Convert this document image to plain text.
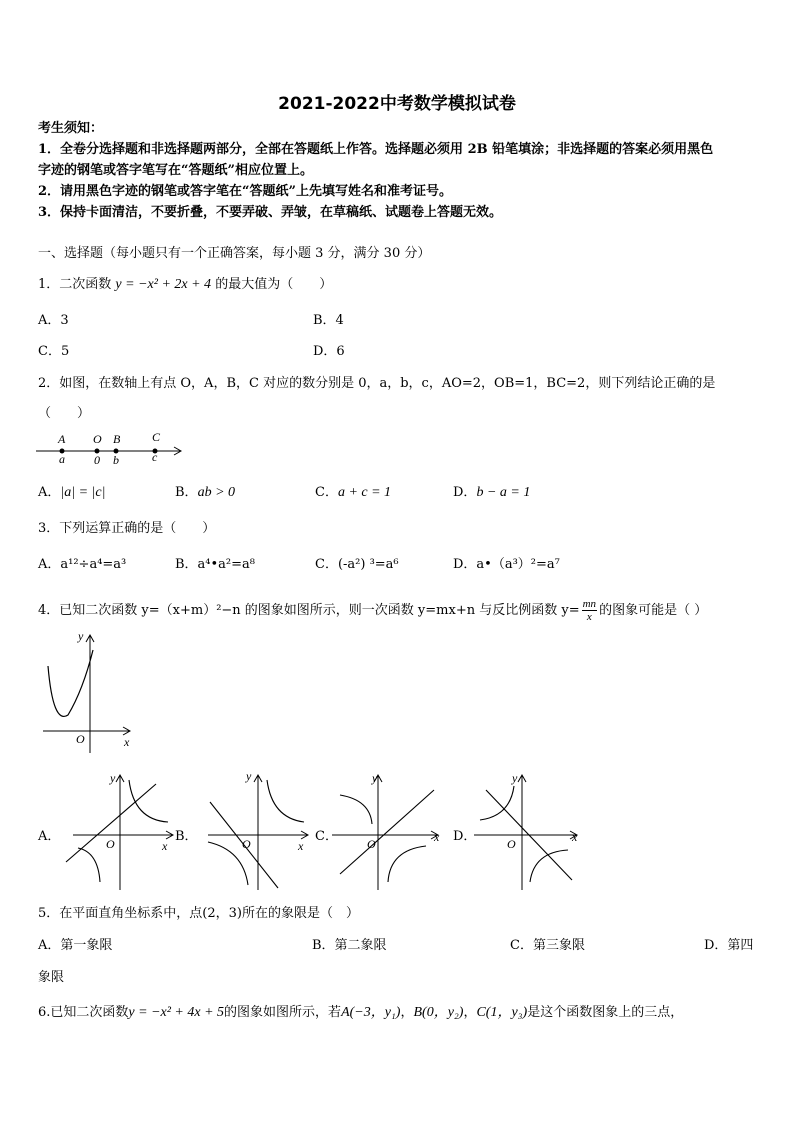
2021-2022中考数学模拟试卷
考生须知：
1．全卷分选择题和非选择题两部分，全部在答题纸上作答。选择题必须用 2B 铅笔填涂；非选择题的答案必须用黑色
字迹的钢笔或答字笔写在“答题纸”相应位置上。
2．请用黑色字迹的钢笔或答字笔在“答题纸”上先填写姓名和准考证号。
3．保持卡面清洁，不要折叠，不要弄破、弄皱，在草稿纸、试题卷上答题无效。
一、选择题（每小题只有一个正确答案，每小题 3 分，满分 30 分）
1．二次函数 y = −x² + 2x + 4 的最大值为（　　）
A．3	B．4
C．5	D．6
2．如图，在数轴上有点 O，A，B，C 对应的数分别是 0，a，b，c，AO=2，OB=1，BC=2，则下列结论正确的是
（　　）
A
a
O
0
B
b
C
c
A．|a| = |c|	B．ab > 0	C．a + c = 1	D．b − a = 1
3．下列运算正确的是（　　）
A．a¹²÷a⁴=a³	B．a⁴•a²=a⁸	C．(-a²) ³=a⁶	D．a•（a³）²=a⁷
4．已知二次函数 y=（x+m）²−n 的图象如图所示，则一次函数 y=mx+n 与反比例函数 $y= \frac{mn}{x}$ 的图象可能是（ ）
y
x
O
A．	B．	C．	D．
y
x
O
y
x
O
y
x
O
y
x
O
5．在平面直角坐标系中，点(2，3)所在的象限是（　）
A．第一象限	B．第二象限	C．第三象限	D．第四
象限
6.已知二次函数y = −x² + 4x + 5的图象如图所示，若A(−3，y₁)，B(0，y₂)，C(1，y₃)是这个函数图象上的三点，
